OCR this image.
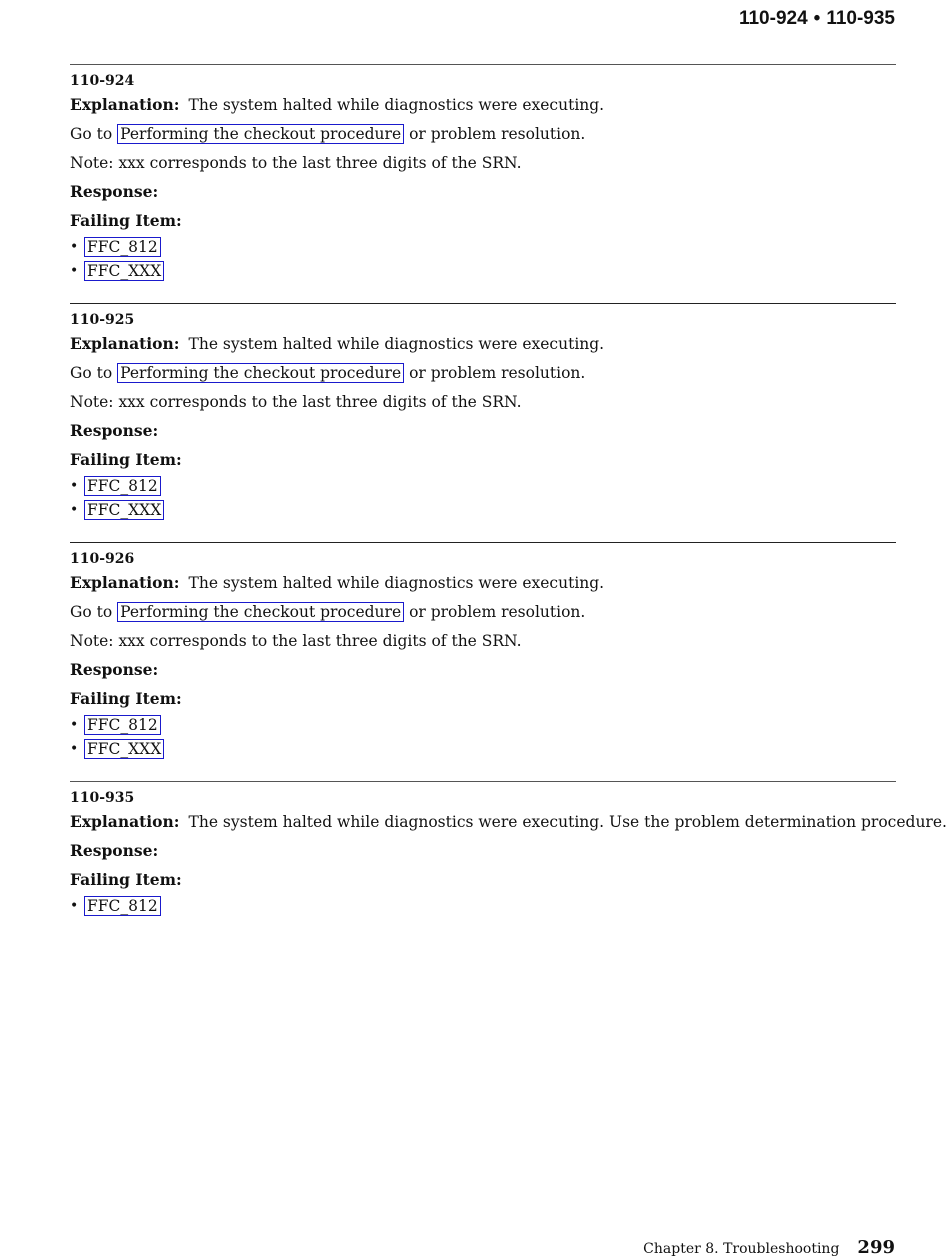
110-924 • 110-935
110-924
Explanation: The system halted while diagnostics were executing.
Go to Performing the checkout procedure or problem resolution.
Note: xxx corresponds to the last three digits of the SRN.
Response:
Failing Item:
• FFC_812
• FFC_XXX
110-925
Explanation: The system halted while diagnostics were executing.
Go to Performing the checkout procedure or problem resolution.
Note: xxx corresponds to the last three digits of the SRN.
Response:
Failing Item:
• FFC_812
• FFC_XXX
110-926
Explanation: The system halted while diagnostics were executing.
Go to Performing the checkout procedure or problem resolution.
Note: xxx corresponds to the last three digits of the SRN.
Response:
Failing Item:
• FFC_812
• FFC_XXX
110-935
Explanation: The system halted while diagnostics were executing. Use the problem determination procedure.
Response:
Failing Item:
• FFC_812
Chapter 8. Troubleshooting 299
